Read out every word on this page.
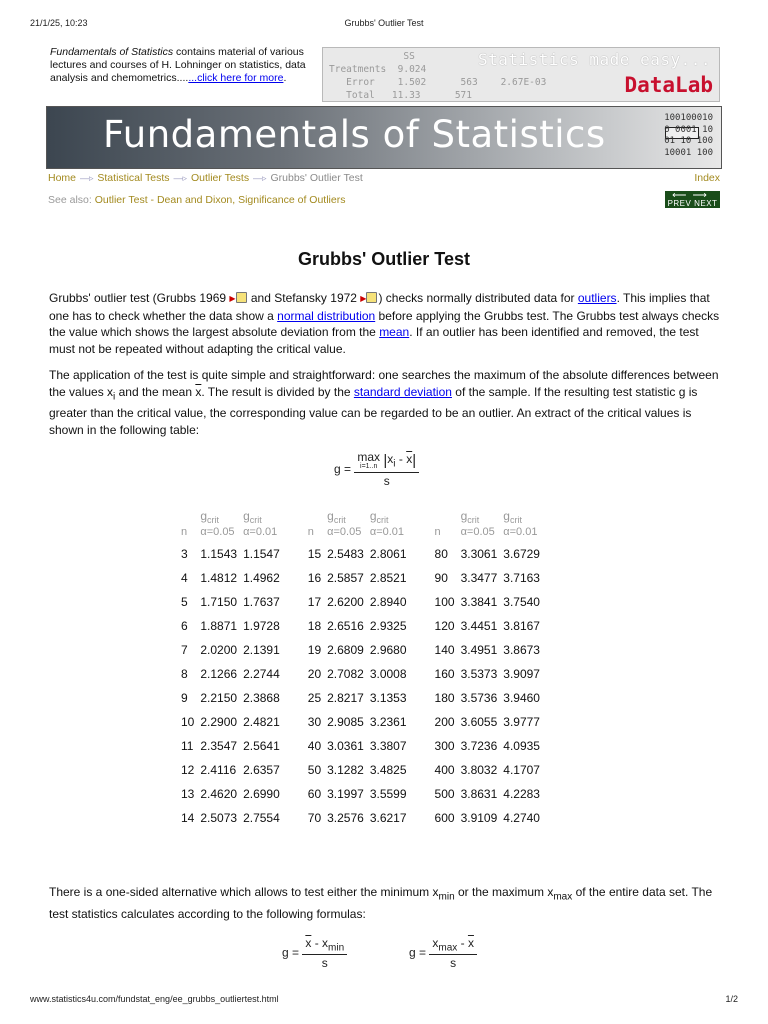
21/1/25, 10:23	Grubbs' Outlier Test
Fundamentals of Statistics contains material of various lectures and courses of H. Lohninger on statistics, data analysis and chemometrics.......click here for more.
SS
Treatments  9.024
Error    1.502      563    2.67E-03
Total   11.33      571
Statistics made easy...
DataLab
Fundamentals of Statistics	100100010
0 0001 10
01 10 100
10001 100
Home —▹ Statistical Tests —▹ Outlier Tests —▹ Grubbs' Outlier Test	Index
See also: Outlier Test - Dean and Dixon, Significance of Outliers	⟵⟶
PREV NEXT
Grubbs' Outlier Test

Grubbs' outlier test (Grubbs 1969 ▶ and Stefansky 1972 ▶ ) checks normally distributed data for outliers. This implies that one has to check whether the data show a normal distribution before applying the Grubbs test. The Grubbs test always checks the value which shows the largest absolute deviation from the mean. If an outlier has been identified and removed, the test must not be repeated without adapting the critical value.

The application of the test is quite simple and straightforward: one searches the maximum of the absolute differences between the values $x_i$ and the mean $\overline{x}$. The result is divided by the standard deviation of the sample. If the resulting test statistic g is greater than the critical value, the corresponding value can be regarded to be an outlier. An extract of the critical values is shown in the following table:

g = max
i=1..n $|x_i - \overline{x}|$
s
n	$g_{crit}$
α=0.05	$g_{crit}$
α=0.01		n	$g_{crit}$
α=0.05	$g_{crit}$
α=0.01		n	$g_{crit}$
α=0.05	$g_{crit}$
α=0.01
3	1.1543	1.1547		15	2.5483	2.8061		80	3.3061	3.6729
4	1.4812	1.4962		16	2.5857	2.8521		90	3.3477	3.7163
5	1.7150	1.7637		17	2.6200	2.8940		100	3.3841	3.7540
6	1.8871	1.9728		18	2.6516	2.9325		120	3.4451	3.8167
7	2.0200	2.1391		19	2.6809	2.9680		140	3.4951	3.8673
8	2.1266	2.2744		20	2.7082	3.0008		160	3.5373	3.9097
9	2.2150	2.3868		25	2.8217	3.1353		180	3.5736	3.9460
10	2.2900	2.4821		30	2.9085	3.2361		200	3.6055	3.9777
11	2.3547	2.5641		40	3.0361	3.3807		300	3.7236	4.0935
12	2.4116	2.6357		50	3.1282	3.4825		400	3.8032	4.1707
13	2.4620	2.6990		60	3.1997	3.5599		500	3.8631	4.2283
14	2.5073	2.7554		70	3.2576	3.6217		600	3.9109	4.2740

There is a one-sided alternative which allows to test either the minimum $x_{min}$ or the maximum $x_{max}$ of the entire data set. The test statistics calculates according to the following formulas:

$g = \frac{\overline{x} - x_{min}}{s}$	$g = \frac{x_{max} - \overline{x}}{s}$
www.statistics4u.com/fundstat_eng/ee_grubbs_outliertest.html	1/2
